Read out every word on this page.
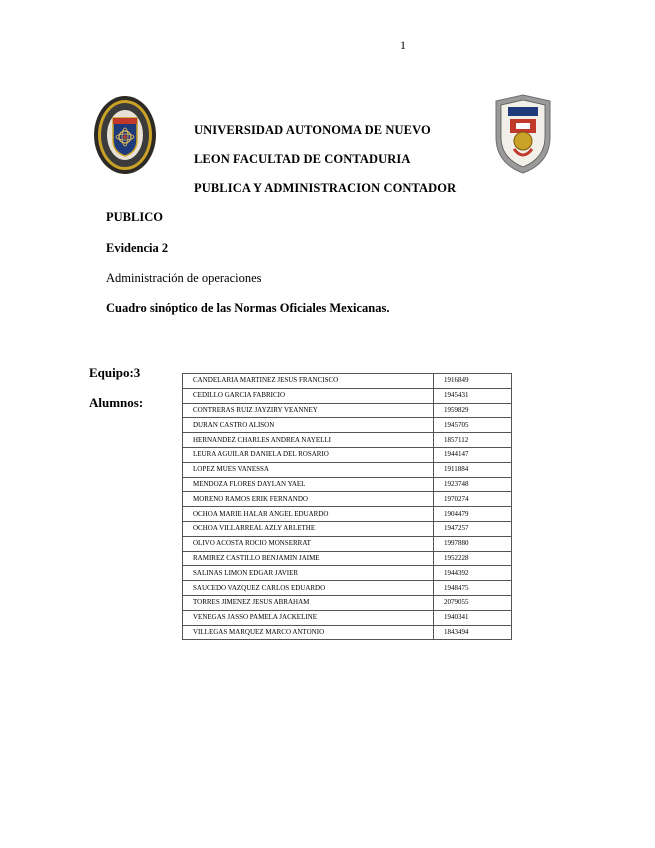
1
UNIVERSIDAD AUTONOMA DE NUEVO
LEON FACULTAD DE CONTADURIA
PUBLICA Y ADMINISTRACION CONTADOR
PUBLICO
Evidencia 2
Administración de operaciones
Cuadro sinóptico de las Normas Oficiales Mexicanas.
Equipo:3
Alumnos:
CANDELARIA MARTINEZ JESUS FRANCISCO	1916849
CEDILLO GARCIA FABRICIO	1945431
CONTRERAS RUIZ JAYZIRY VEANNEY	1959829
DURAN CASTRO ALISON	1945705
HERNANDEZ CHARLES ANDREA NAYELLI	1857112
LEURA AGUILAR DANIELA DEL ROSARIO	1944147
LOPEZ MUES VANESSA	1911884
MENDOZA FLORES DAYLAN YAEL	1923748
MORENO RAMOS ERIK FERNANDO	1970274
OCHOA MARIE HALAR ANGEL EDUARDO	1904479
OCHOA VILLARREAL AZLY ARLETHE	1947257
OLIVO ACOSTA ROCIO MONSERRAT	1997880
RAMIREZ CASTILLO BENJAMIN JAIME	1952228
SALINAS LIMON EDGAR JAVIER	1944392
SAUCEDO VAZQUEZ CARLOS EDUARDO	1948475
TORRES JIMENEZ JESUS ABRAHAM	2079055
VENEGAS JASSO PAMELA JACKELINE	1940341
VILLEGAS MARQUEZ MARCO ANTONIO	1843494
